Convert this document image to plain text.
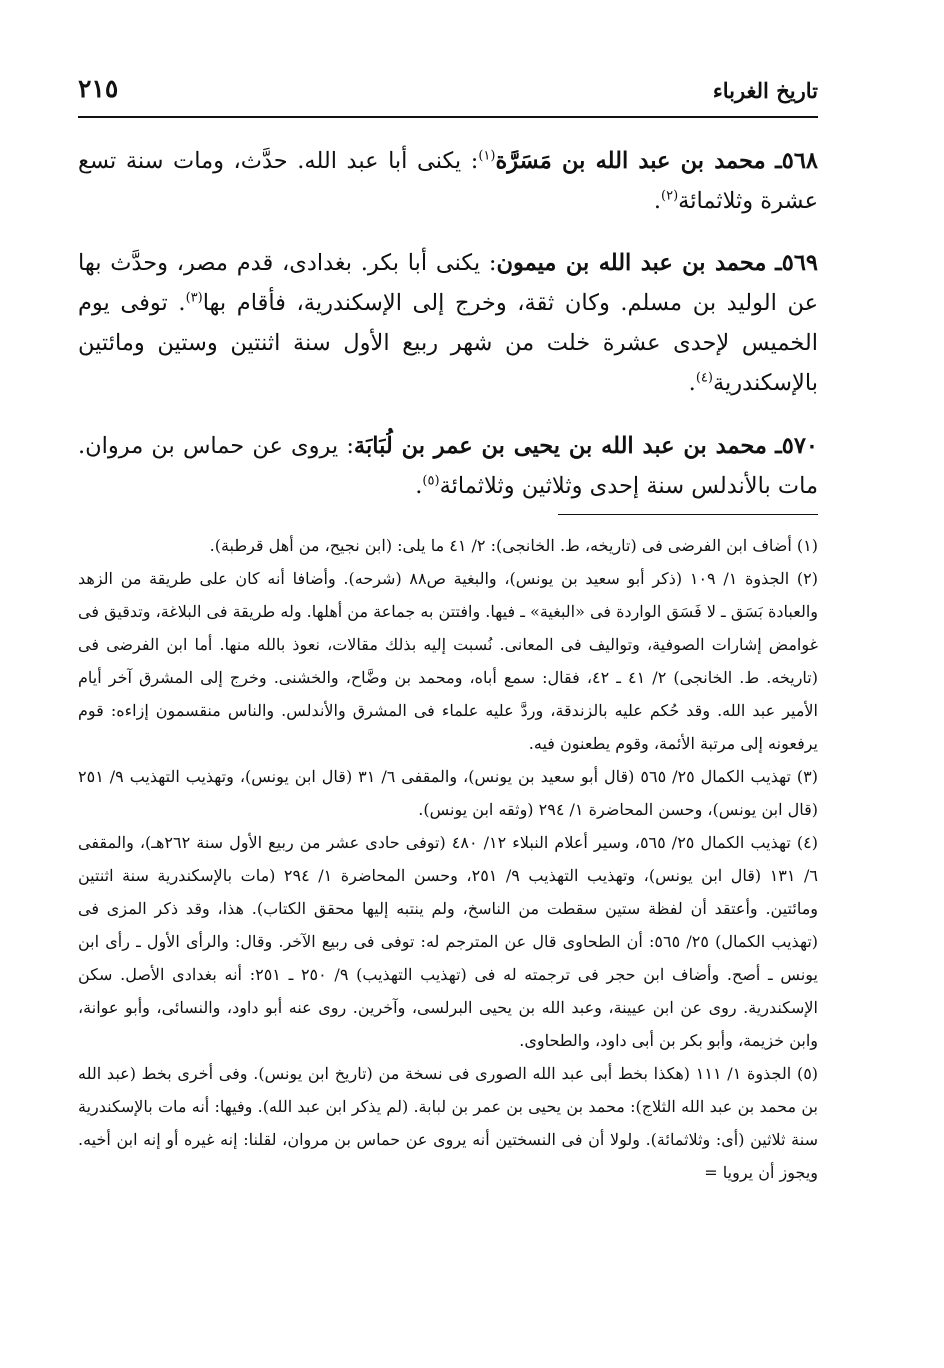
تاريخ الغرباء
٢١٥

٥٦٨ـ محمد بن عبد الله بن مَسَرَّة$^{(١)}$: يكنى أبا عبد الله. حدَّث، ومات سنة تسع عشرة وثلاثمائة$^{(٢)}$.

٥٦٩ـ محمد بن عبد الله بن ميمون: يكنى أبا بكر. بغدادى، قدم مصر، وحدَّث بها عن الوليد بن مسلم. وكان ثقة، وخرج إلى الإسكندرية، فأقام بها$^{(٣)}$. توفى يوم الخميس لإحدى عشرة خلت من شهر ربيع الأول سنة اثنتين وستين ومائتين بالإسكندرية$^{(٤)}$.

٥٧٠ـ محمد بن عبد الله بن يحيى بن عمر بن لُبَابَة: يروى عن حماس بن مروان. مات بالأندلس سنة إحدى وثلاثين وثلاثمائة$^{(٥)}$.

(١) أضاف ابن الفرضى فى (تاريخه، ط. الخانجى): ٢/ ٤١ ما يلى: (ابن نجيح، من أهل قرطبة).

(٢) الجذوة ١/ ١٠٩ (ذكر أبو سعيد بن يونس)، والبغية ص٨٨ (شرحه). وأضافا أنه كان على طريقة من الزهد والعبادة بَسَق ـ لا فَسَق الواردة فى «البغية» ـ فيها. وافتتن به جماعة من أهلها. وله طريقة فى البلاغة، وتدقيق فى غوامض إشارات الصوفية، وتواليف فى المعانى. نُسبت إليه بذلك مقالات، نعوذ بالله منها. أما ابن الفرضى فى (تاريخه. ط. الخانجى) ٢/ ٤١ ـ ٤٢، فقال: سمع أباه، ومحمد بن وضَّاح، والخشنى. وخرج إلى المشرق آخر أيام الأمير عبد الله. وقد حُكم عليه بالزندقة، وردَّ عليه علماء فى المشرق والأندلس. والناس منقسمون إزاءه: قوم يرفعونه إلى مرتبة الأئمة، وقوم يطعنون فيه.

(٣) تهذيب الكمال ٢٥/ ٥٦٥ (قال أبو سعيد بن يونس)، والمقفى ٦/ ٣١ (قال ابن يونس)، وتهذيب التهذيب ٩/ ٢٥١ (قال ابن يونس)، وحسن المحاضرة ١/ ٢٩٤ (وثقه ابن يونس).

(٤) تهذيب الكمال ٢٥/ ٥٦٥، وسير أعلام النبلاء ١٢/ ٤٨٠ (توفى حادى عشر من ربيع الأول سنة ٢٦٢هـ)، والمقفى ٦/ ١٣١ (قال ابن يونس)، وتهذيب التهذيب ٩/ ٢٥١، وحسن المحاضرة ١/ ٢٩٤ (مات بالإسكندرية سنة اثنتين ومائتين. وأعتقد أن لفظة ستين سقطت من الناسخ، ولم ينتبه إليها محقق الكتاب). هذا، وقد ذكر المزى فى (تهذيب الكمال) ٢٥/ ٥٦٥: أن الطحاوى قال عن المترجم له: توفى فى ربيع الآخر. وقال: والرأى الأول ـ رأى ابن يونس ـ أصح. وأضاف ابن حجر فى ترجمته له فى (تهذيب التهذيب) ٩/ ٢٥٠ ـ ٢٥١: أنه بغدادى الأصل. سكن الإسكندرية. روى عن ابن عيينة، وعبد الله بن يحيى البرلسى، وآخرين. روى عنه أبو داود، والنسائى، وأبو عوانة، وابن خزيمة، وأبو بكر بن أبى داود، والطحاوى.

(٥) الجذوة ١/ ١١١ (هكذا بخط أبى عبد الله الصورى فى نسخة من (تاريخ ابن يونس). وفى أخرى بخط (عبد الله بن محمد بن عبد الله الثلاج): محمد بن يحيى بن عمر بن لبابة. (لم يذكر ابن عبد الله). وفيها: أنه مات بالإسكندرية سنة ثلاثين (أى: وثلاثمائة). ولولا أن فى النسختين أنه يروى عن حماس بن مروان، لقلنا: إنه غيره أو إنه ابن أخيه. ويجوز أن يرويا =
